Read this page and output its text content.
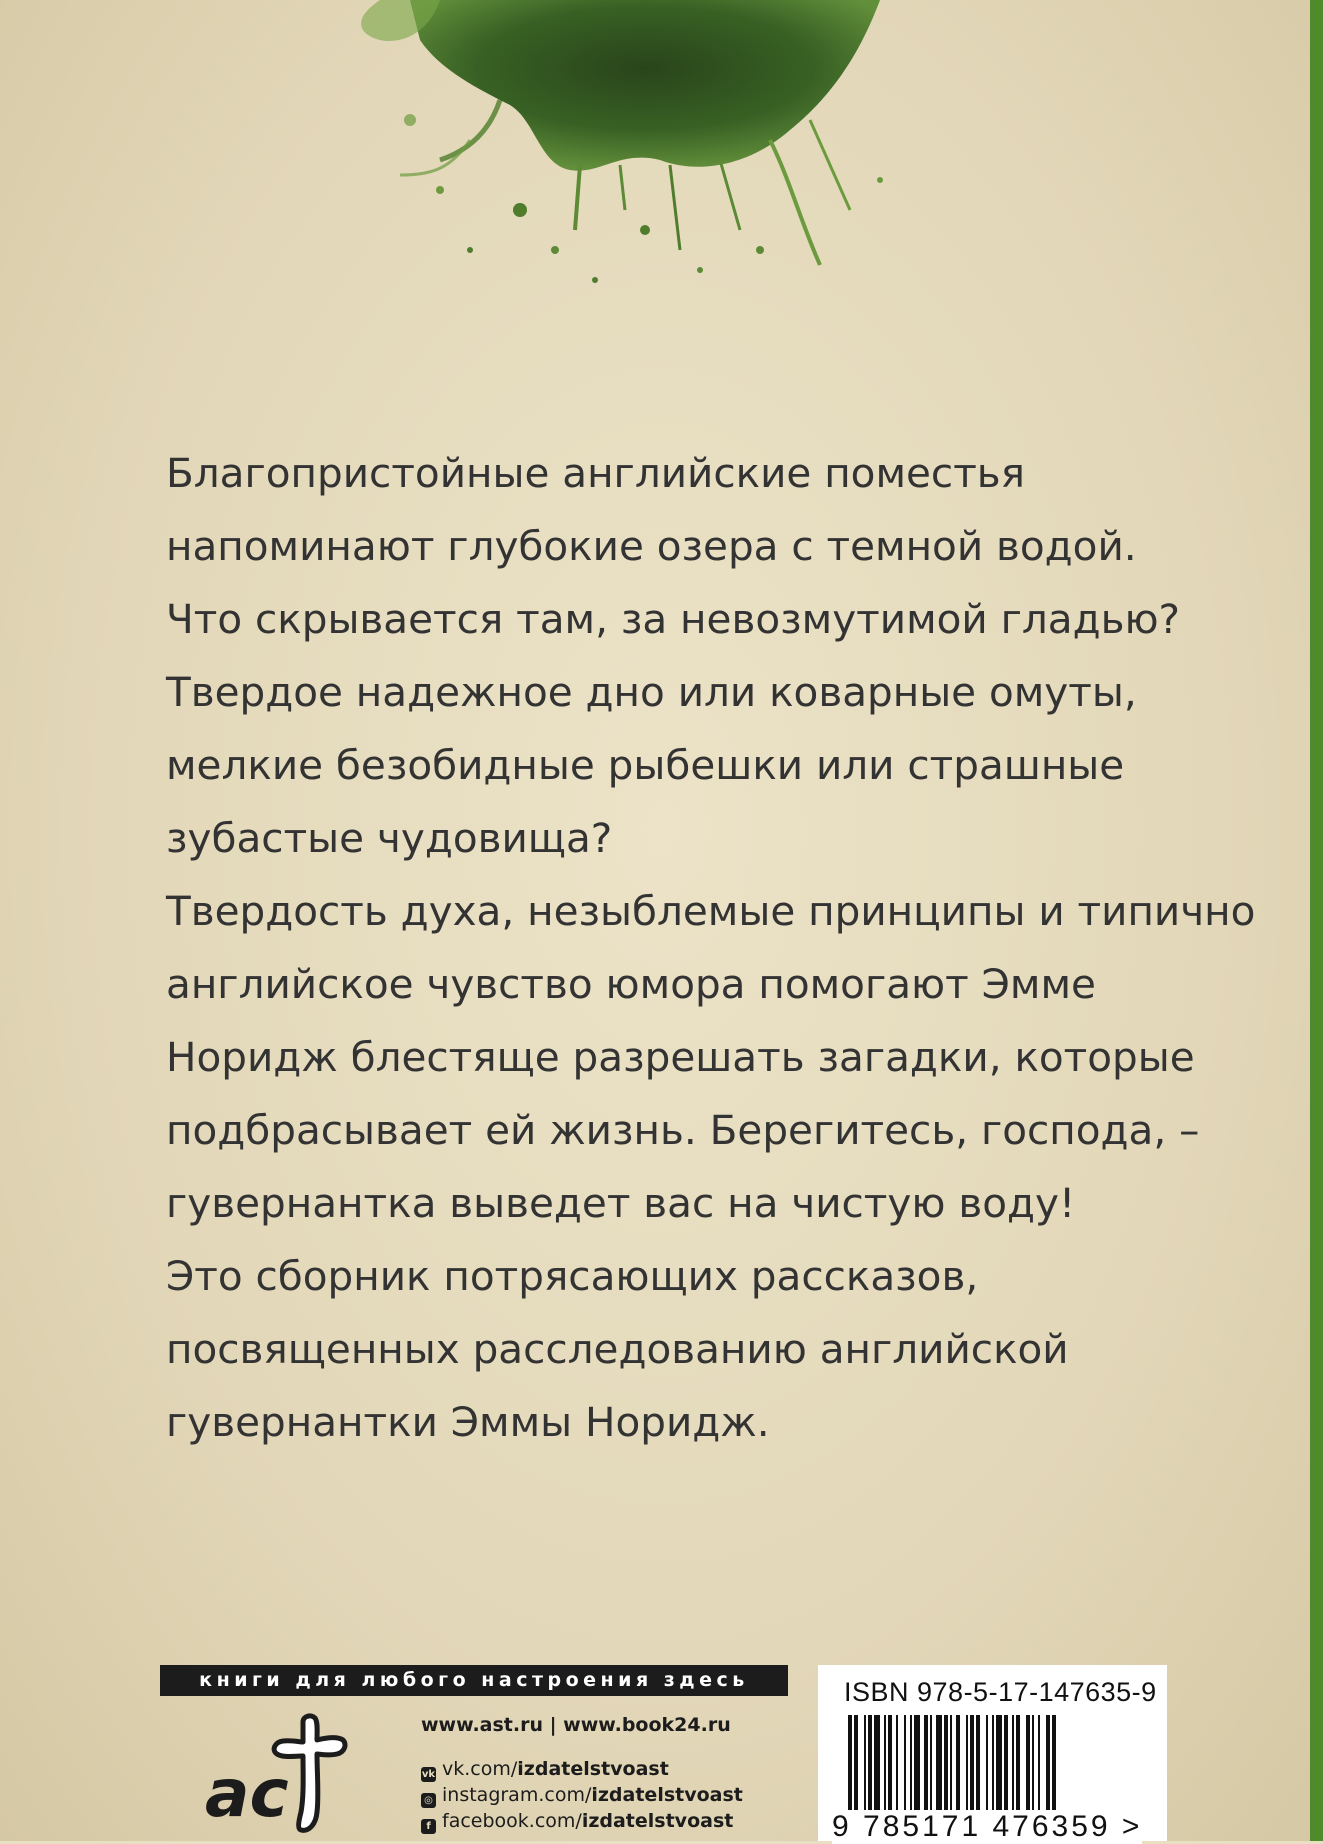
Благопристойные английские поместья

напоминают глубокие озера с темной водой.

Что скрывается там, за невозмутимой гладью?

Твердое надежное дно или коварные омуты,

мелкие безобидные рыбешки или страшные

зубастые чудовища?

Твердость духа, незыблемые принципы и типично

английское чувство юмора помогают Эмме

Норидж блестяще разрешать загадки, которые

подбрасывает ей жизнь. Берегитесь, господа, –

гувернантка выведет вас на чистую воду!

Это сборник потрясающих рассказов,

посвященных расследованию английской

гувернантки Эммы Норидж.

книги для любого настроения здесь
ас
www.ast.ru | www.book24.ru
vk vk.com/izdatelstvoast
◎ instagram.com/izdatelstvoast
f facebook.com/izdatelstvoast
ISBN 978-5-17-147635-9
9 785171 476359 >
